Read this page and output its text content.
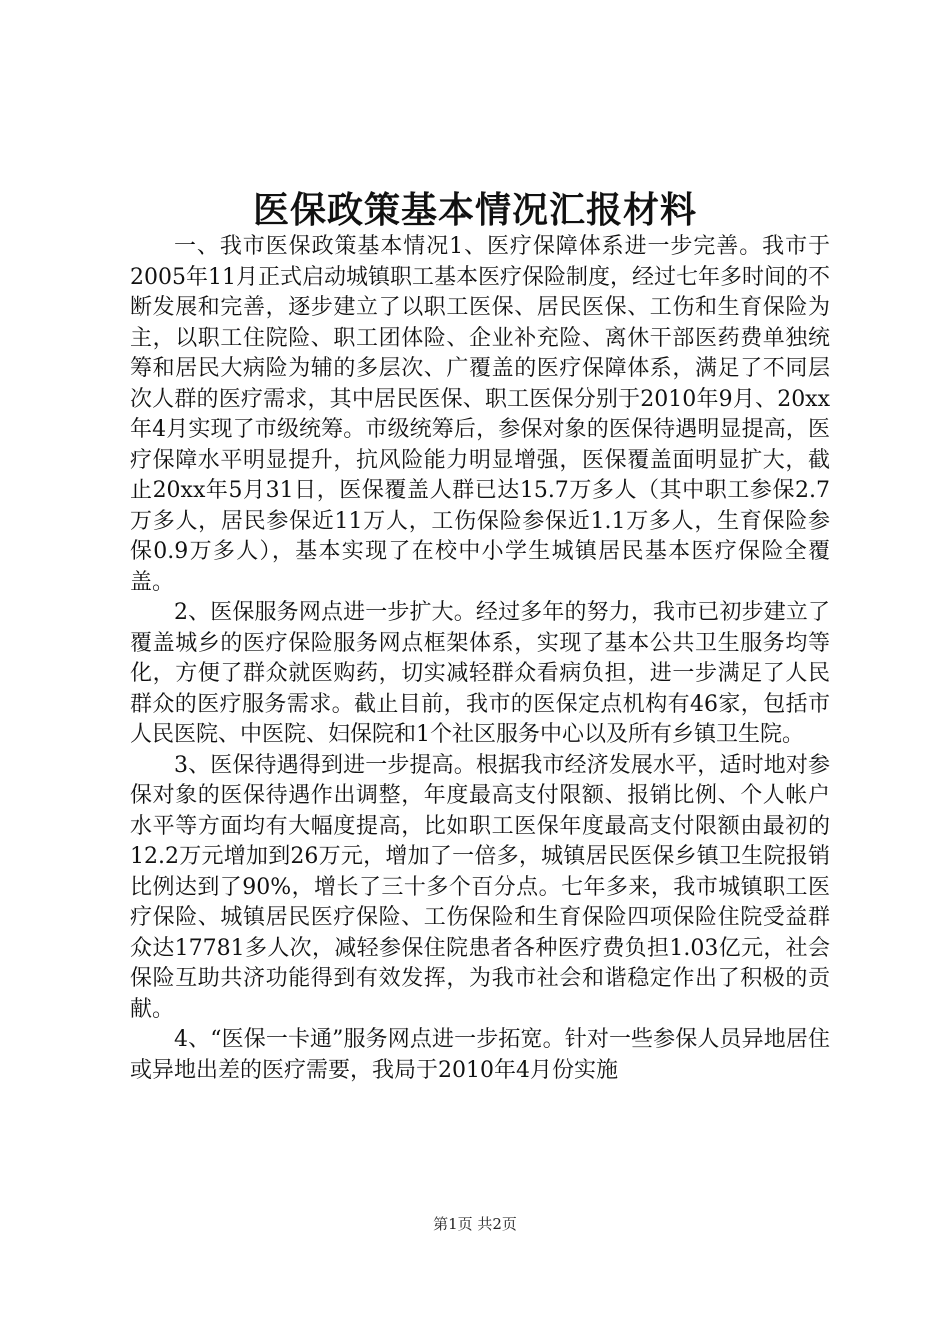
医保政策基本情况汇报材料

一、我市医保政策基本情况1、医疗保障体系进一步完善。我市于2005年11月正式启动城镇职工基本医疗保险制度，经过七年多时间的不断发展和完善，逐步建立了以职工医保、居民医保、工伤和生育保险为主，以职工住院险、职工团体险、企业补充险、离休干部医药费单独统筹和居民大病险为辅的多层次、广覆盖的医疗保障体系，满足了不同层次人群的医疗需求，其中居民医保、职工医保分别于2010年9月、20xx年4月实现了市级统筹。市级统筹后，参保对象的医保待遇明显提高，医疗保障水平明显提升，抗风险能力明显增强，医保覆盖面明显扩大，截止20xx年5月31日，医保覆盖人群已达15.7万多人（其中职工参保2.7万多人，居民参保近11万人，工伤保险参保近1.1万多人，生育保险参保0.9万多人），基本实现了在校中小学生城镇居民基本医疗保险全覆盖。

2、医保服务网点进一步扩大。经过多年的努力，我市已初步建立了覆盖城乡的医疗保险服务网点框架体系，实现了基本公共卫生服务均等化，方便了群众就医购药，切实减轻群众看病负担，进一步满足了人民群众的医疗服务需求。截止目前，我市的医保定点机构有46家，包括市人民医院、中医院、妇保院和1个社区服务中心以及所有乡镇卫生院。

3、医保待遇得到进一步提高。根据我市经济发展水平，适时地对参保对象的医保待遇作出调整，年度最高支付限额、报销比例、个人帐户水平等方面均有大幅度提高，比如职工医保年度最高支付限额由最初的12.2万元增加到26万元，增加了一倍多，城镇居民医保乡镇卫生院报销比例达到了90%，增长了三十多个百分点。七年多来，我市城镇职工医疗保险、城镇居民医疗保险、工伤保险和生育保险四项保险住院受益群众达17781多人次，减轻参保住院患者各种医疗费负担1.03亿元，社会保险互助共济功能得到有效发挥，为我市社会和谐稳定作出了积极的贡献。

4、“医保一卡通”服务网点进一步拓宽。针对一些参保人员异地居住或异地出差的医疗需要，我局于2010年4月份实施

第1页 共2页
